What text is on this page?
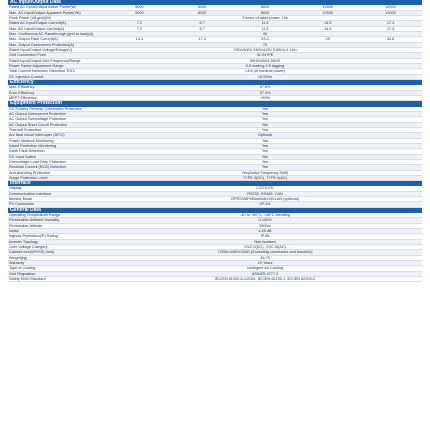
AC Input/Output Data
Rated AC Input/Output Active Power(W)	5000	6000	8000	10000	12000
Max. AC Input/Output Apparent Power(VA)	5000	6000	8000	10000	12000
Peak Power (off-grid)(W)	2 times of rated power, 10s
Rated AC Input/Output Current(A)	7.2	8.7	11.6	14.5	17.4
Max. AC Input/Output Current(A)	7.2	8.7	11.6	14.5	17.4
Max. Continuous AC Passthrough (grid to load)(A)	45
Max. Output Fault Current(A)	14.4	17.4	23.2	29	34.8
Max. Output Overcurrent Protection(A)	70
Rated Input/Output Voltage/Range(V)	230V/400V 240V/415V 0.85Un-1.1Un
Grid Connection Form	3L+N+PE
Rated Input/Output Grid Frequency/Range	50HZ/45HZ-55HZ
Power Factor Adjustment Range	0.8 leading-0.8 lagging
Total Current Harmonic Distortion THDi	<3% (of nominal power)
DC Injection Current	<0.5%In
Efficiency
Max. Efficiency	97.6%
Euro Efficiency	97.0%
MPPT Efficiency	>99%
Equipment Protection
DC Polarity Reverse Connection Protection	Yes
AC Output Overcurrent Protection	Yes
AC Output Overvoltage Protection	Yes
AC Output Short Circuit Protection	Yes
Thermal Protection	Yes
Arc fault circuit interrupter (AFCI)	Optional
Power Network Monitoring	Yes
Island Protection Monitoring	Yes
Earth Fault Detection	Yes
DC Input Switch	Yes
Overvoltage Load Drop Protection	Yes
Residual Current (RCD) Detection	Yes
Anti-islanding Protection	Yes(Active Frequency Shift)
Surge Protection Level	TYPE II(DC), TYPE II(AC)
Interface
Display	LCD+LED
Communication Interface	RS232, RS485, CAN
Monitor Mode	GPRS/WiFi/Bluetooth/4G/LAN (optional)
PV Connection	VP-D4
General Data
Operating Temperature Range	-40 to +60°C, >45°C Derating
Permissible Ambient Humidity	0-100%
Permissible Altitude	2000m
Noise	≤ 55 dB
Ingress Protection(IP) Rating	IP 65
Inverter Topology	Non-isolated
Over Voltage Category	OVC II(DC), OVC III(AC)
Cabinet size(W*H*D) (mm)	720W×440H×254D (Excluding connectors and brackets)
Weight(kg)	39.75
Warranty	10 Years
Type of Cooling	Intelligent Air Cooling
Grid Regulation	AS/NZS 4777.2
Safety EMC/Standard	IEC/EN 61000-6-1/2/3/4, IEC/EN 62109-1, IEC/EN 62109-2
